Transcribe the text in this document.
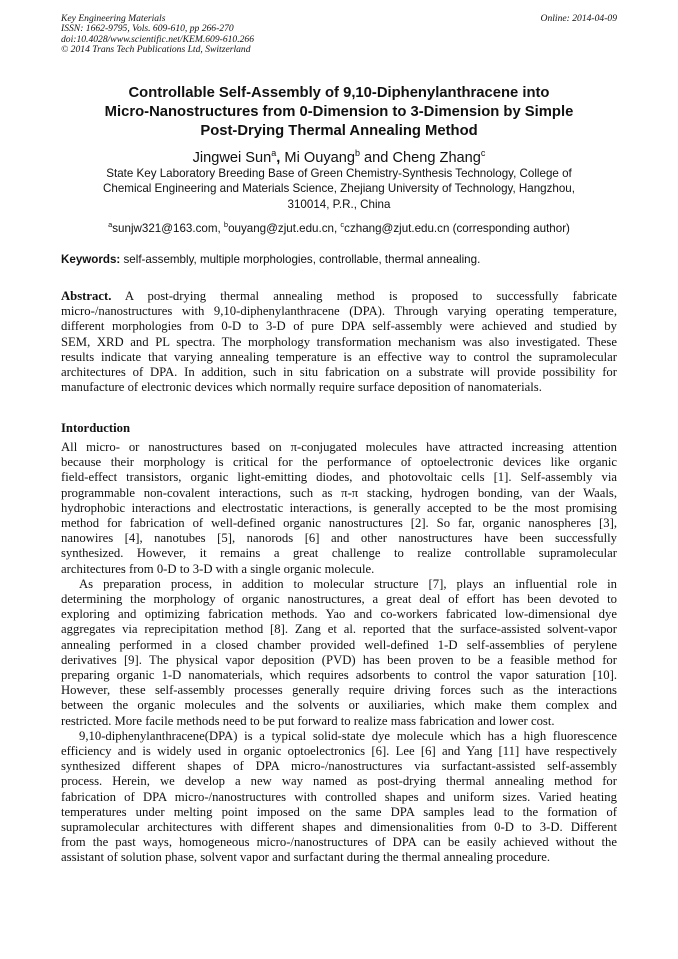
Key Engineering Materials
ISSN: 1662-9795, Vols. 609-610, pp 266-270
doi:10.4028/www.scientific.net/KEM.609-610.266
© 2014 Trans Tech Publications Ltd, Switzerland
Online: 2014-04-09
Controllable Self-Assembly of 9,10-Diphenylanthracene into
Micro-Nanostructures from 0-Dimension to 3-Dimension by Simple
Post-Drying Thermal Annealing Method
Jingwei Sun$^a$, Mi Ouyang$^b$ and Cheng Zhang$^c$
State Key Laboratory Breeding Base of Green Chemistry-Synthesis Technology, College of
Chemical Engineering and Materials Science, Zhejiang University of Technology, Hangzhou,
310014, P.R., China
$^a$sunjw321@163.com, $^b$ouyang@zjut.edu.cn, $^c$czhang@zjut.edu.cn (corresponding author)
Keywords: self-assembly, multiple morphologies, controllable, thermal annealing.
Abstract. A post-drying thermal annealing method is proposed to successfully fabricate
micro-/nanostructures with 9,10-diphenylanthracene (DPA). Through varying operating temperature,
different morphologies from 0-D to 3-D of pure DPA self-assembly were achieved and studied by
SEM, XRD and PL spectra. The morphology transformation mechanism was also investigated. These
results indicate that varying annealing temperature is an effective way to control the supramolecular
architectures of DPA. In addition, such in situ fabrication on a substrate will provide possibility for
manufacture of electronic devices which normally require surface deposition of nanomaterials.
Intorduction
All micro- or nanostructures based on π-conjugated molecules have attracted increasing attention
because their morphology is critical for the performance of optoelectronic devices like organic
field-effect transistors, organic light-emitting diodes, and photovoltaic cells [1]. Self-assembly via
programmable non-covalent interactions, such as π-π stacking, hydrogen bonding, van der Waals,
hydrophobic interactions and electrostatic interactions, is generally accepted to be the most promising
method for fabrication of well-defined organic nanostructures [2]. So far, organic nanospheres [3],
nanowires [4], nanotubes [5], nanorods [6] and other nanostructures have been successfully
synthesized. However, it remains a great challenge to realize controllable supramolecular
architectures from 0-D to 3-D with a single organic molecule.
As preparation process, in addition to molecular structure [7], plays an influential role in
determining the morphology of organic nanostructures, a great deal of effort has been devoted to
exploring and optimizing fabrication methods. Yao and co-workers fabricated low-dimensional dye
aggregates via reprecipitation method [8]. Zang et al. reported that the surface-assisted solvent-vapor
annealing performed in a closed chamber provided well-defined 1-D self-assemblies of perylene
derivatives [9]. The physical vapor deposition (PVD) has been proven to be a feasible method for
preparing organic 1-D nanomaterials, which requires adsorbents to control the vapor saturation [10].
However, these self-assembly processes generally require driving forces such as the interactions
between the organic molecules and the solvents or auxiliaries, which make them complex and
restricted. More facile methods need to be put forward to realize mass fabrication and lower cost.
9,10-diphenylanthracene(DPA) is a typical solid-state dye molecule which has a high fluorescence
efficiency and is widely used in organic optoelectronics [6]. Lee [6] and Yang [11] have respectively
synthesized different shapes of DPA micro-/nanostructures via surfactant-assisted self-assembly
process. Herein, we develop a new way named as post-drying thermal annealing method for
fabrication of DPA micro-/nanostructures with controlled shapes and uniform sizes. Varied heating
temperatures under melting point imposed on the same DPA samples lead to the formation of
supramolecular architectures with different shapes and dimensionalities from 0-D to 3-D. Different
from the past ways, homogeneous micro-/nanostructures of DPA can be easily achieved without the
assistant of solution phase, solvent vapor and surfactant during the thermal annealing procedure.
